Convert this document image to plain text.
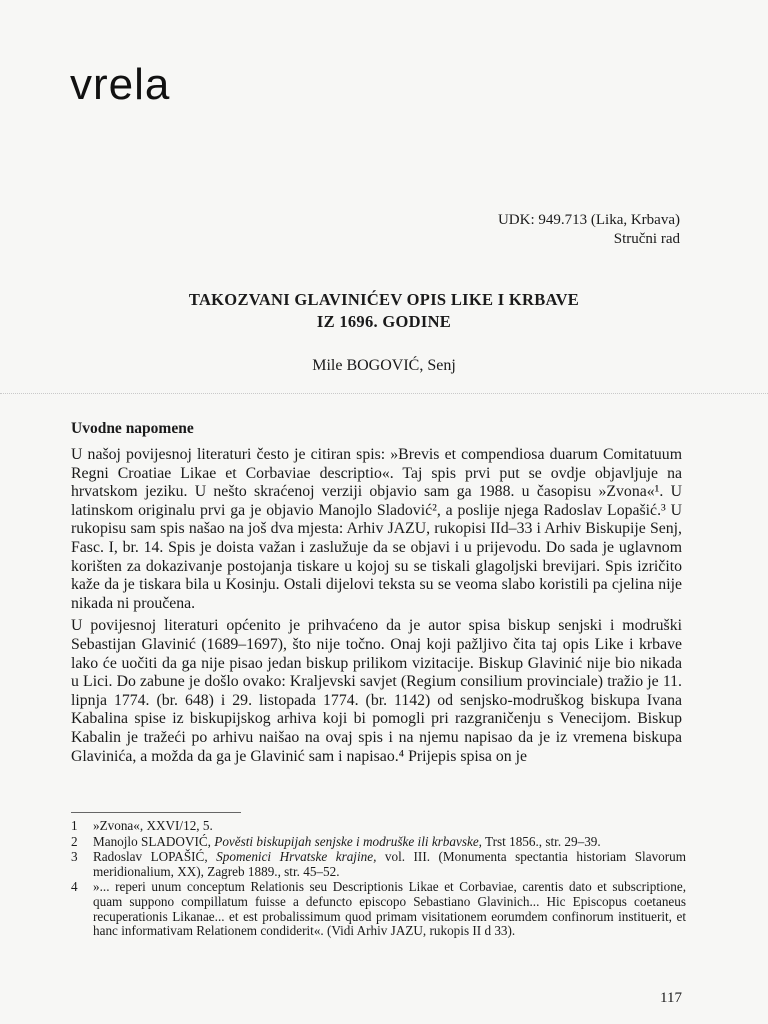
vrela
UDK: 949.713 (Lika, Krbava)
Stručni rad
TAKOZVANI GLAVINIĆEV OPIS LIKE I KRBAVE
IZ 1696. GODINE
Mile BOGOVIĆ, Senj
Uvodne napomene

U našoj povijesnoj literaturi često je citiran spis: »Brevis et compendiosa duarum Comitatuum Regni Croatiae Likae et Corbaviae descriptio«. Taj spis prvi put se ovdje objavljuje na hrvatskom jeziku. U nešto skraćenoj verziji objavio sam ga 1988. u časopisu »Zvona«¹. U latinskom originalu prvi ga je objavio Manojlo Sladović², a poslije njega Radoslav Lopašić.³ U rukopisu sam spis našao na još dva mjesta: Arhiv JAZU, rukopisi IId–33 i Arhiv Biskupije Senj, Fasc. I, br. 14. Spis je doista važan i zaslužuje da se objavi i u prijevodu. Do sada je uglavnom korišten za dokazivanje postojanja tiskare u kojoj su se tiskali glagoljski brevijari. Spis izričito kaže da je tiskara bila u Kosinju. Ostali dijelovi teksta su se veoma slabo koristili pa cjelina nije nikada ni proučena.

U povijesnoj literaturi općenito je prihvaćeno da je autor spisa biskup senjski i modruški Sebastijan Glavinić (1689–1697), što nije točno. Onaj koji pažljivo čita taj opis Like i krbave lako će uočiti da ga nije pisao jedan biskup prilikom vizitacije. Biskup Glavinić nije bio nikada u Lici. Do zabune je došlo ovako: Kraljevski savjet (Regium consilium provinciale) tražio je 11. lipnja 1774. (br. 648) i 29. listopada 1774. (br. 1142) od senjsko-modruškog biskupa Ivana Kabalina spise iz biskupijskog arhiva koji bi pomogli pri razgraničenju s Venecijom. Biskup Kabalin je tražeći po arhivu naišao na ovaj spis i na njemu napisao da je iz vremena biskupa Glavinića, a možda da ga je Glavinić sam i napisao.⁴ Prijepis spisa on je

1	»Zvona«, XXVI/12, 5.
2	Manojlo SLADOVIĆ, Pověsti biskupijah senjske i modruške ili krbavske, Trst 1856., str. 29–39.
3	Radoslav LOPAŠIĆ, Spomenici Hrvatske krajine, vol. III. (Monumenta spectantia historiam Slavorum meridionalium, XX), Zagreb 1889., str. 45–52.
4	»... reperi unum conceptum Relationis seu Descriptionis Likae et Corbaviae, carentis dato et subscriptione, quam suppono compillatum fuisse a defuncto episcopo Sebastiano Glavinich... Hic Episcopus coetaneus recuperationis Likanae... et est probalissimum quod primam visitationem eorumdem confinorum instituerit, et hanc informativam Relationem condiderit«. (Vidi Arhiv JAZU, rukopis II d 33).
117
